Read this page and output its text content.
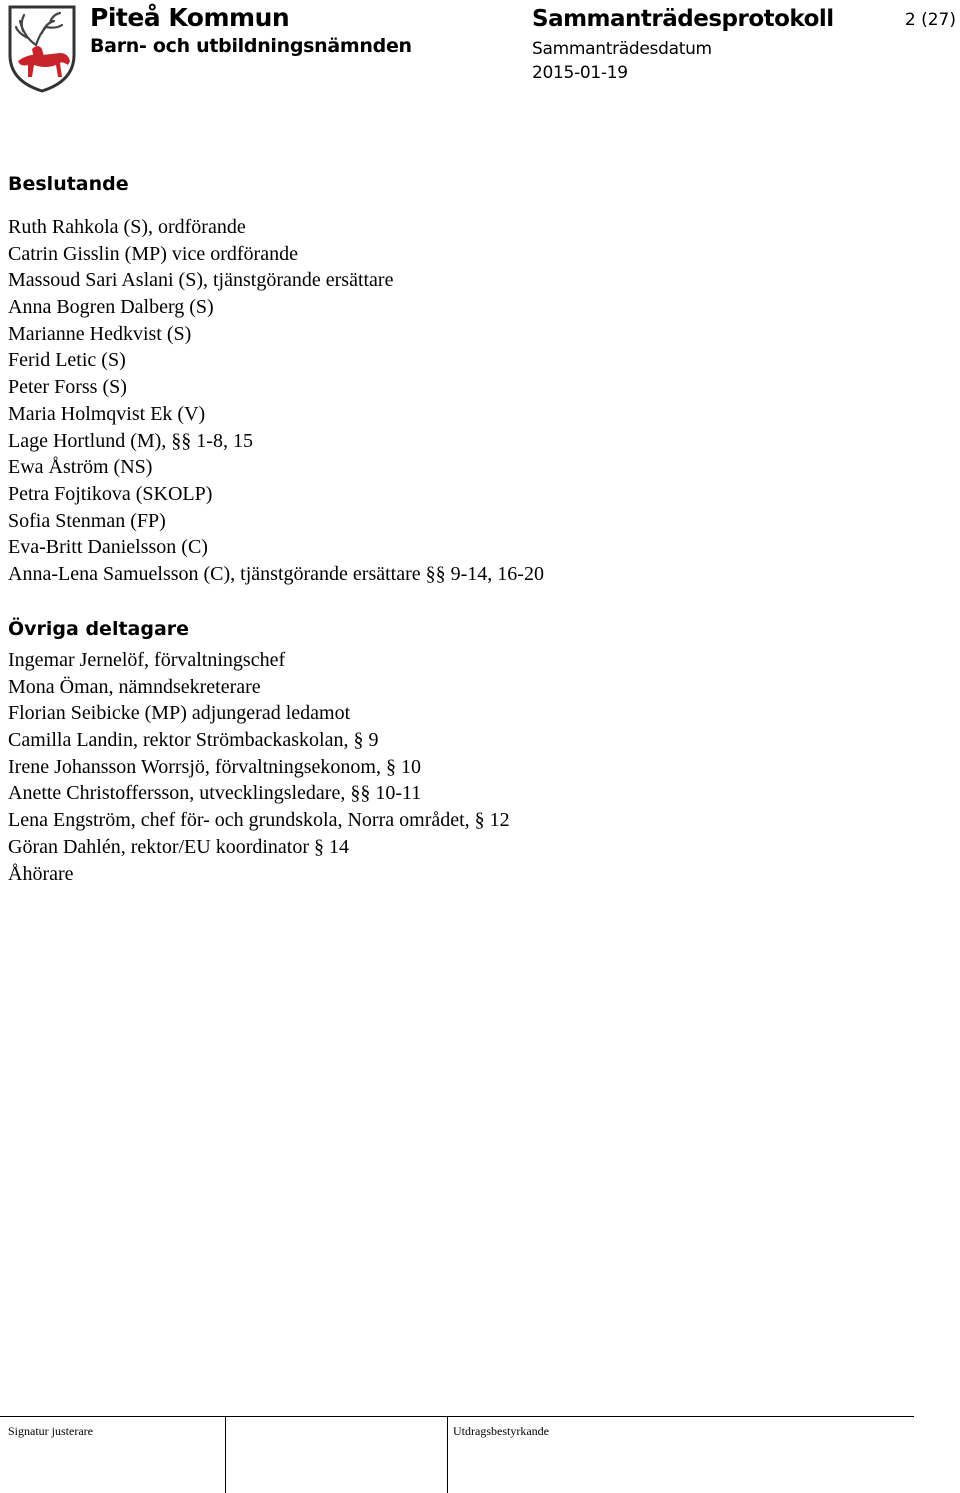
Piteå Kommun
Barn- och utbildningsnämnden
Sammanträdesprotokoll
Sammanträdesdatum
2015-01-19
2 (27)
Beslutande
Ruth Rahkola (S), ordförande
Catrin Gisslin (MP) vice ordförande
Massoud Sari Aslani (S), tjänstgörande ersättare
Anna Bogren Dalberg (S)
Marianne Hedkvist (S)
Ferid Letic (S)
Peter Forss (S)
Maria Holmqvist Ek (V)
Lage Hortlund (M), §§ 1-8, 15
Ewa Åström (NS)
Petra Fojtikova (SKOLP)
Sofia Stenman (FP)
Eva-Britt Danielsson (C)
Anna-Lena Samuelsson (C), tjänstgörande ersättare §§ 9-14, 16-20
Övriga deltagare
Ingemar Jernelöf, förvaltningschef
Mona Öman, nämndsekreterare
Florian Seibicke (MP) adjungerad ledamot
Camilla Landin, rektor Strömbackaskolan, § 9
Irene Johansson Worrsjö, förvaltningsekonom, § 10
Anette Christoffersson, utvecklingsledare, §§ 10-11
Lena Engström, chef för- och grundskola, Norra området, § 12
Göran Dahlén, rektor/EU koordinator § 14
Åhörare
Signatur justerare	Utdragsbestyrkande
